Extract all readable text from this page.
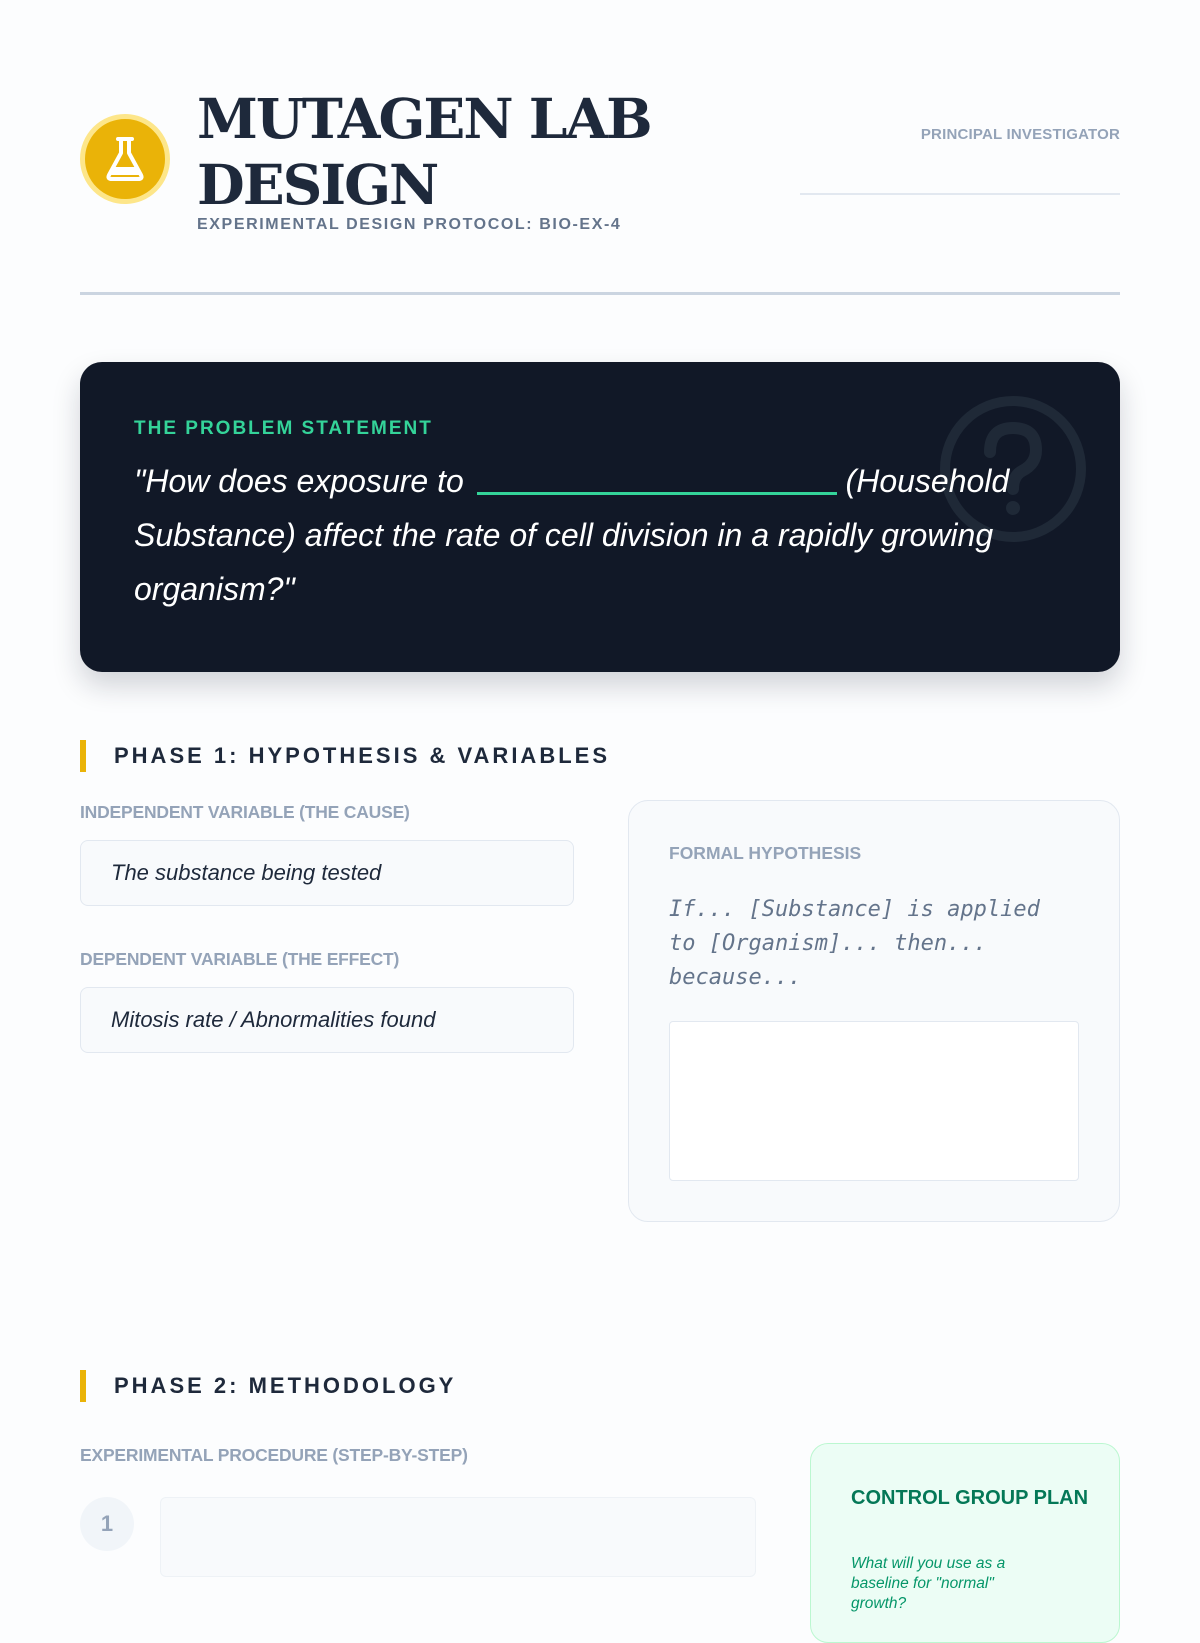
MUTAGEN LAB DESIGN
EXPERIMENTAL DESIGN PROTOCOL: BIO-EX-4
PRINCIPAL INVESTIGATOR
THE PROBLEM STATEMENT
"How does exposure to	(Household Substance) affect the rate of cell division in a rapidly growing organism?"
PHASE 1: HYPOTHESIS & VARIABLES
INDEPENDENT VARIABLE (THE CAUSE)
The substance being tested
DEPENDENT VARIABLE (THE EFFECT)
Mitosis rate / Abnormalities found
FORMAL HYPOTHESIS
If... [Substance] is applied to [Organism]... then... because...
PHASE 2: METHODOLOGY
EXPERIMENTAL PROCEDURE (STEP-BY-STEP)
1
CONTROL GROUP PLAN
What will you use as a baseline for "normal" growth?
